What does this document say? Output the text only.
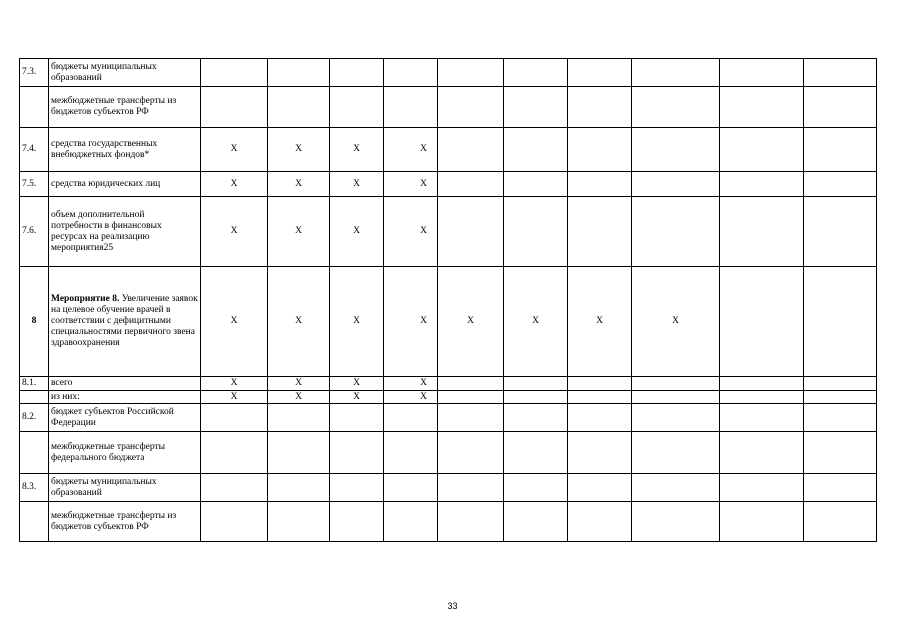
7.3.	бюджеты муниципальных образований										
	межбюджетные трансферты из бюджетов субъектов РФ										
7.4.	средства государственных внебюджетных фондов*	X	X	X	X						
7.5.	средства юридических лиц	X	X	X	X						
7.6.	объем дополнительной потребности в финансовых ресурсах на реализацию мероприятия25	X	X	X	X						
8	Мероприятие 8. Увеличение заявок на целевое обучение врачей в соответствии с дефицитными специальностями первичного звена здравоохранения	X	X	X	X	X	X	X	X		
8.1.	всего	X	X	X	X						
	из них:	X	X	X	X						
8.2.	бюджет субъектов Российской Федерации										
	межбюджетные трансферты федерального бюджета										
8.3.	бюджеты муниципальных образований										
	межбюджетные трансферты из бюджетов субъектов РФ										
33
